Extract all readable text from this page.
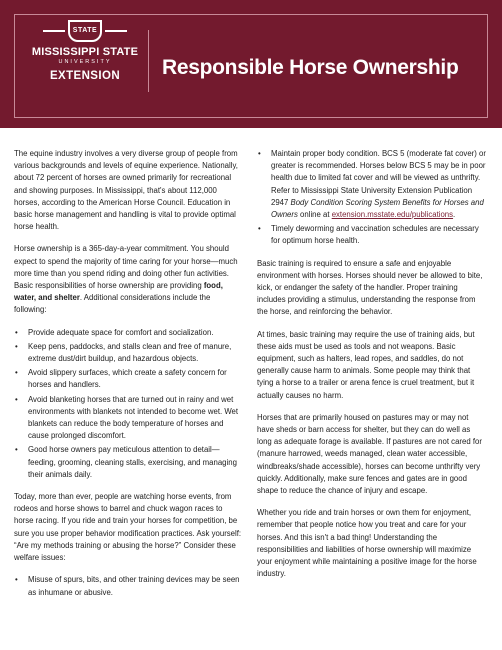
STATE
MISSISSIPPI STATE
UNIVERSITY
EXTENSION	Responsible Horse Ownership

The equine industry involves a very diverse group of people from various backgrounds and levels of equine experience. Nationally, about 72 percent of horses are owned primarily for recreational and showing purposes. In Mississippi, that's about 112,000 horses, according to the American Horse Council. Education in basic horse management and handling is vital to provide optimal horse health.

Horse ownership is a 365-day-a-year commitment. You should expect to spend the majority of time caring for your horse—much more time than you spend riding and doing other fun activities. Basic responsibilities of horse ownership are providing food, water, and shelter. Additional considerations include the following:

• Provide adequate space for comfort and socialization.
• Keep pens, paddocks, and stalls clean and free of manure, extreme dust/dirt buildup, and hazardous objects.
• Avoid slippery surfaces, which create a safety concern for horses and handlers.
• Avoid blanketing horses that are turned out in rainy and wet environments with blankets not intended to become wet. Wet blankets can reduce the body temperature of horses and cause prolonged discomfort.
• Good horse owners pay meticulous attention to detail—feeding, grooming, cleaning stalls, exercising, and managing their animals daily.

Today, more than ever, people are watching horse events, from rodeos and horse shows to barrel and chuck wagon races to horse racing. If you ride and train your horses for competition, be sure you use proper behavior modification practices. Ask yourself: “Are my methods training or abusing the horse?” Consider these welfare issues:

• Misuse of spurs, bits, and other training devices may be seen as inhumane or abusive.
• Maintain proper body condition. BCS 5 (moderate fat cover) or greater is recommended. Horses below BCS 5 may be in poor health due to limited fat cover and will be viewed as unthrifty. Refer to Mississippi State University Extension Publication 2947 Body Condition Scoring System Benefits for Horses and Owners online at extension.msstate.edu/publications.
• Timely deworming and vaccination schedules are necessary for optimum horse health.

Basic training is required to ensure a safe and enjoyable environment with horses. Horses should never be allowed to bite, kick, or endanger the safety of the handler. Proper training includes providing a stimulus, understanding the response from the horse, and reinforcing the behavior.

At times, basic training may require the use of training aids, but these aids must be used as tools and not weapons. Basic equipment, such as halters, lead ropes, and saddles, do not generally cause harm to animals. Some people may think that tying a horse to a trailer or arena fence is cruel treatment, but it actually causes no harm.

Horses that are primarily housed on pastures may or may not have sheds or barn access for shelter, but they can do well as long as adequate forage is available. If pastures are not cared for (manure harrowed, weeds managed, clean water accessible, windbreaks/shade accessible), horses can become unthrifty very quickly. Additionally, make sure fences and gates are in good shape to reduce the chance of injury and escape.

Whether you ride and train horses or own them for enjoyment, remember that people notice how you treat and care for your horses. And this isn't a bad thing! Understanding the responsibilities and liabilities of horse ownership will maximize your enjoyment while maintaining a positive image for the horse industry.
